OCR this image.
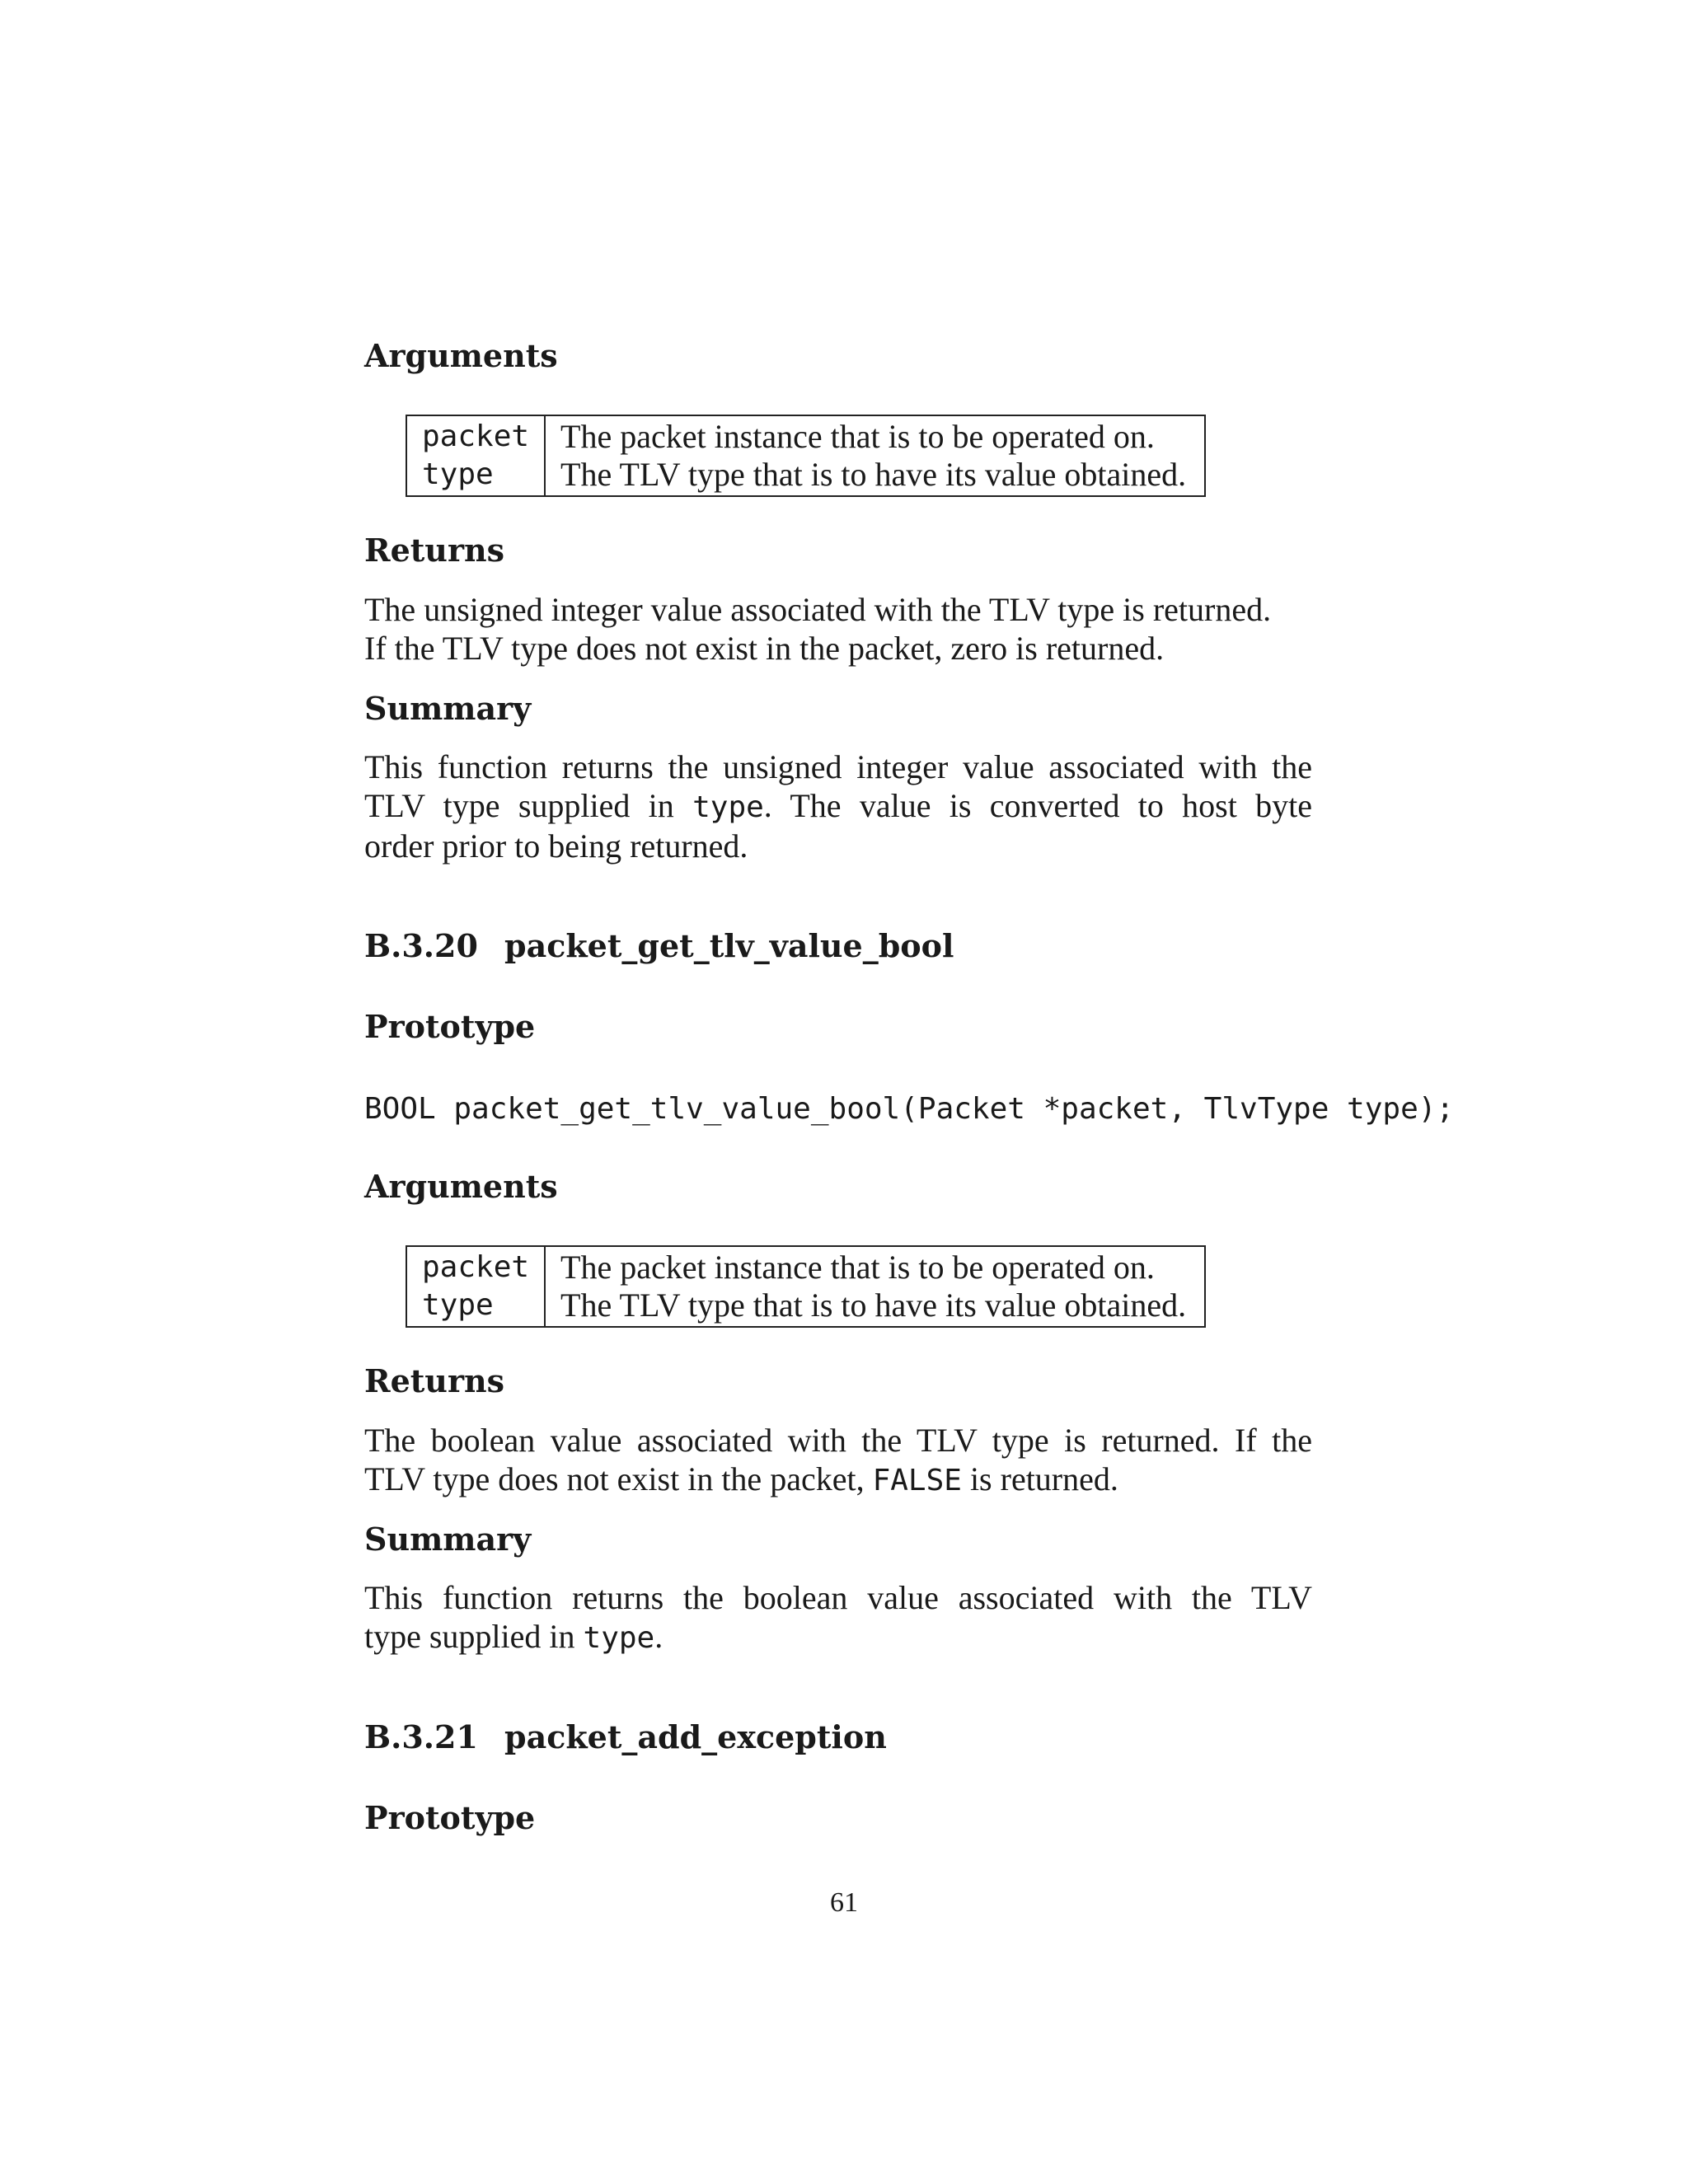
Arguments
packet	The packet instance that is to be operated on.
type	The TLV type that is to have its value obtained.
Returns
The unsigned integer value associated with the TLV type is returned.
If the TLV type does not exist in the packet, zero is returned.
Summary
This function returns the unsigned integer value associated with the
TLV type supplied in type. The value is converted to host byte
order prior to being returned.
B.3.20 packet_get_tlv_value_bool
Prototype
BOOL packet_get_tlv_value_bool(Packet *packet, TlvType type);
Arguments
packet	The packet instance that is to be operated on.
type	The TLV type that is to have its value obtained.
Returns
The boolean value associated with the TLV type is returned. If the
TLV type does not exist in the packet, FALSE is returned.
Summary
This function returns the boolean value associated with the TLV
type supplied in type.
B.3.21 packet_add_exception
Prototype
61
